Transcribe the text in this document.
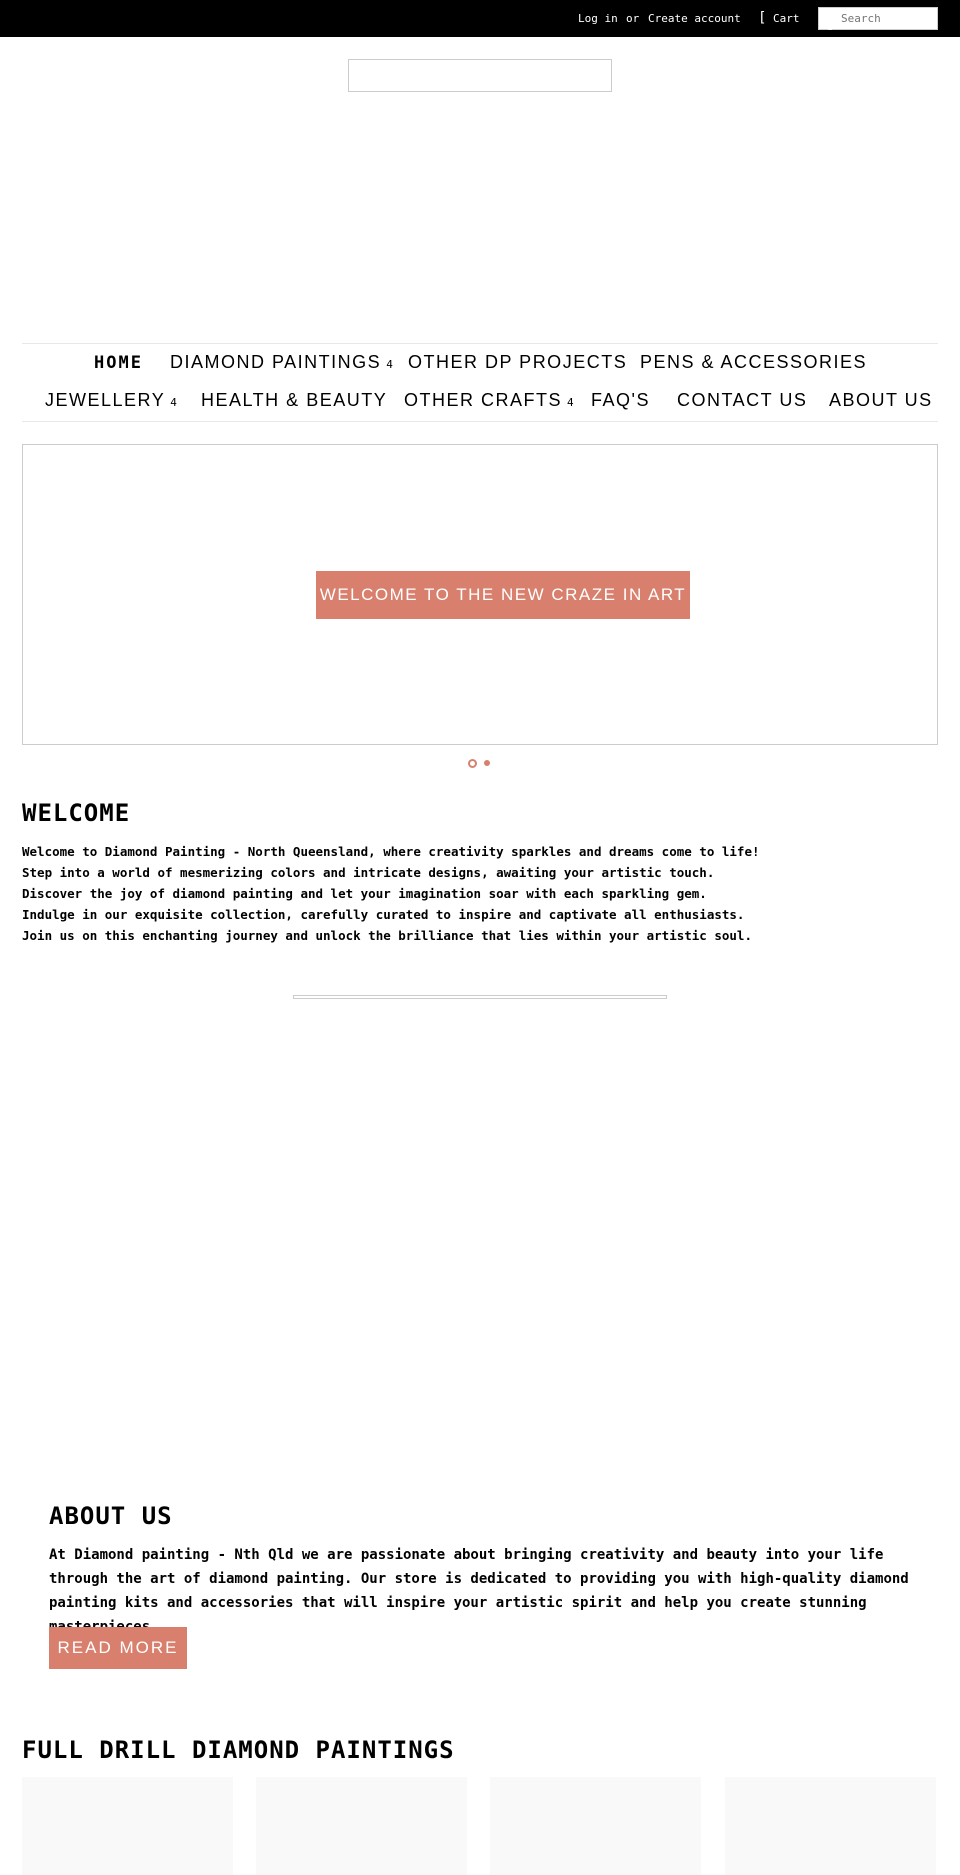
Log in or Create account [ Cart
s
Search
HOME DIAMOND PAINTINGS 4 OTHER DP PROJECTS PENS & ACCESSORIES
JEWELLERY 4 HEALTH & BEAUTY OTHER CRAFTS 4 FAQ'S CONTACT US ABOUT US
WELCOME TO THE NEW CRAZE IN ART
WELCOME

Welcome to Diamond Painting - North Queensland, where creativity sparkles and dreams come to life!

Step into a world of mesmerizing colors and intricate designs, awaiting your artistic touch.

Discover the joy of diamond painting and let your imagination soar with each sparkling gem.

Indulge in our exquisite collection, carefully curated to inspire and captivate all enthusiasts.

Join us on this enchanting journey and unlock the brilliance that lies within your artistic soul.

ABOUT US

At Diamond painting - Nth Qld we are passionate about bringing creativity and beauty into your life through the art of diamond painting. Our store is dedicated to providing you with high-quality diamond painting kits and accessories that will inspire your artistic spirit and help you create stunning

READ MORE
FULL DRILL DIAMOND PAINTINGS
